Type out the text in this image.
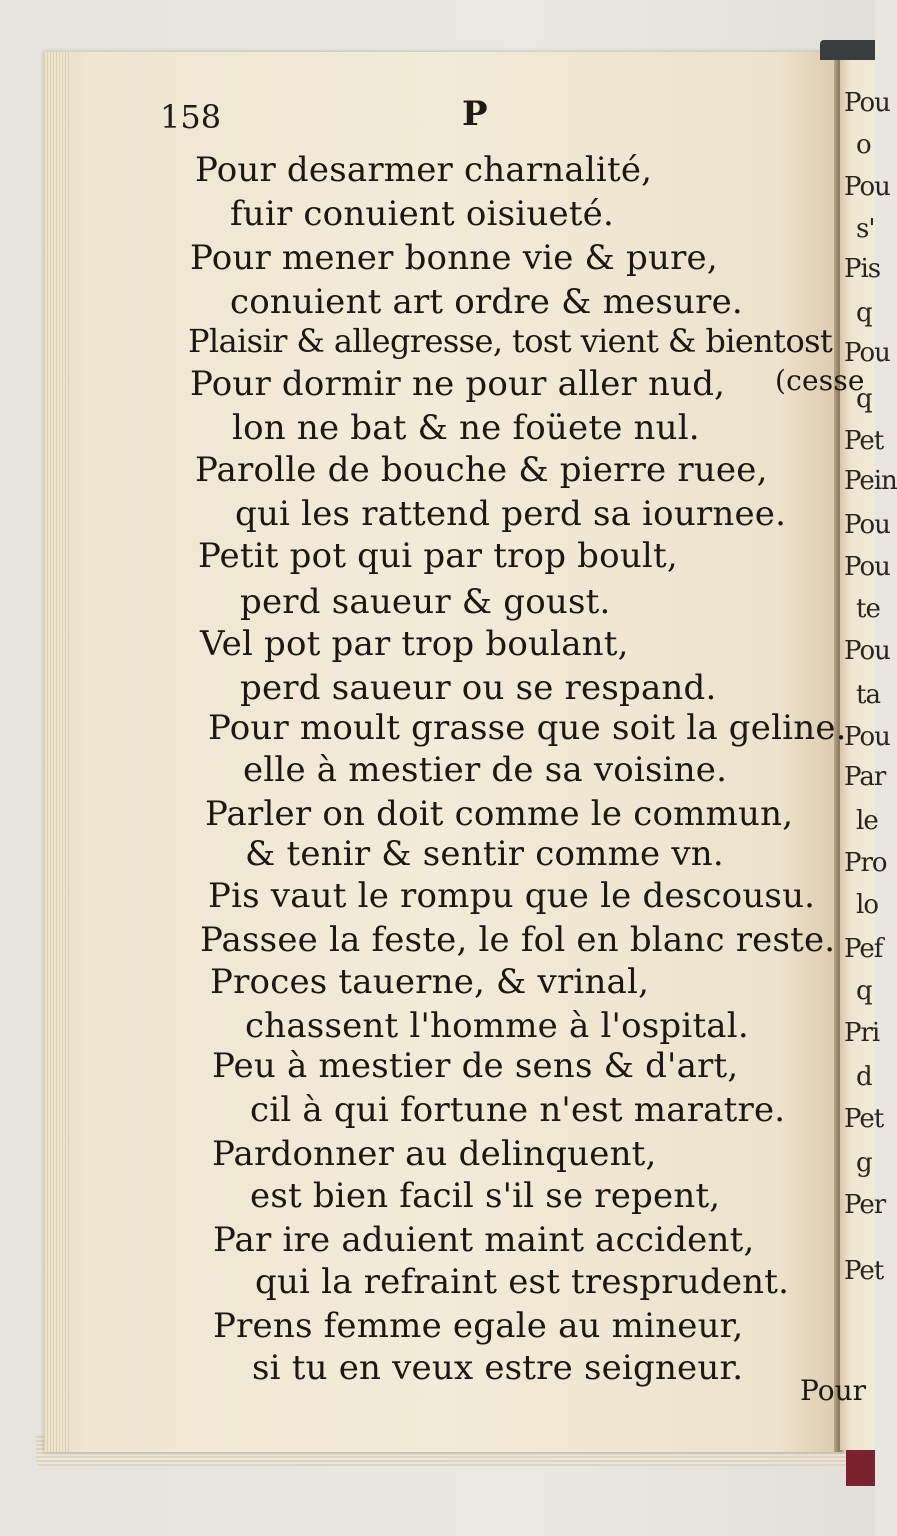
Pou
o
Pou
s'
Pis
q
Pou
q
Pet
Pein
Pou
Pou
te
Pou
ta
Pou
Par
le
Pro
lo
Pef
q
Pri
d
Pet
g
Per
Pet
158	P
Pour desarmer charnalité,
fuir conuient oisiueté.
Pour mener bonne vie & pure,
conuient art ordre & mesure.
Plaisir & allegresse, tost vient & bientost
Pour dormir ne pour aller nud, (cesse
lon ne bat & ne foüete nul.
Parolle de bouche & pierre ruee,
qui les rattend perd sa iournee.
Petit pot qui par trop boult,
perd saueur & goust.
Vel pot par trop boulant,
perd saueur ou se respand.
Pour moult grasse que soit la geline.
elle à mestier de sa voisine.
Parler on doit comme le commun,
& tenir & sentir comme vn.
Pis vaut le rompu que le descousu.
Passee la feste, le fol en blanc reste.
Proces tauerne, & vrinal,
chassent l'homme à l'ospital.
Peu à mestier de sens & d'art,
cil à qui fortune n'est maratre.
Pardonner au delinquent,
est bien facil s'il se repent,
Par ire aduient maint accident,
qui la refraint est tresprudent.
Prens femme egale au mineur,
si tu en veux estre seigneur.
Pour
